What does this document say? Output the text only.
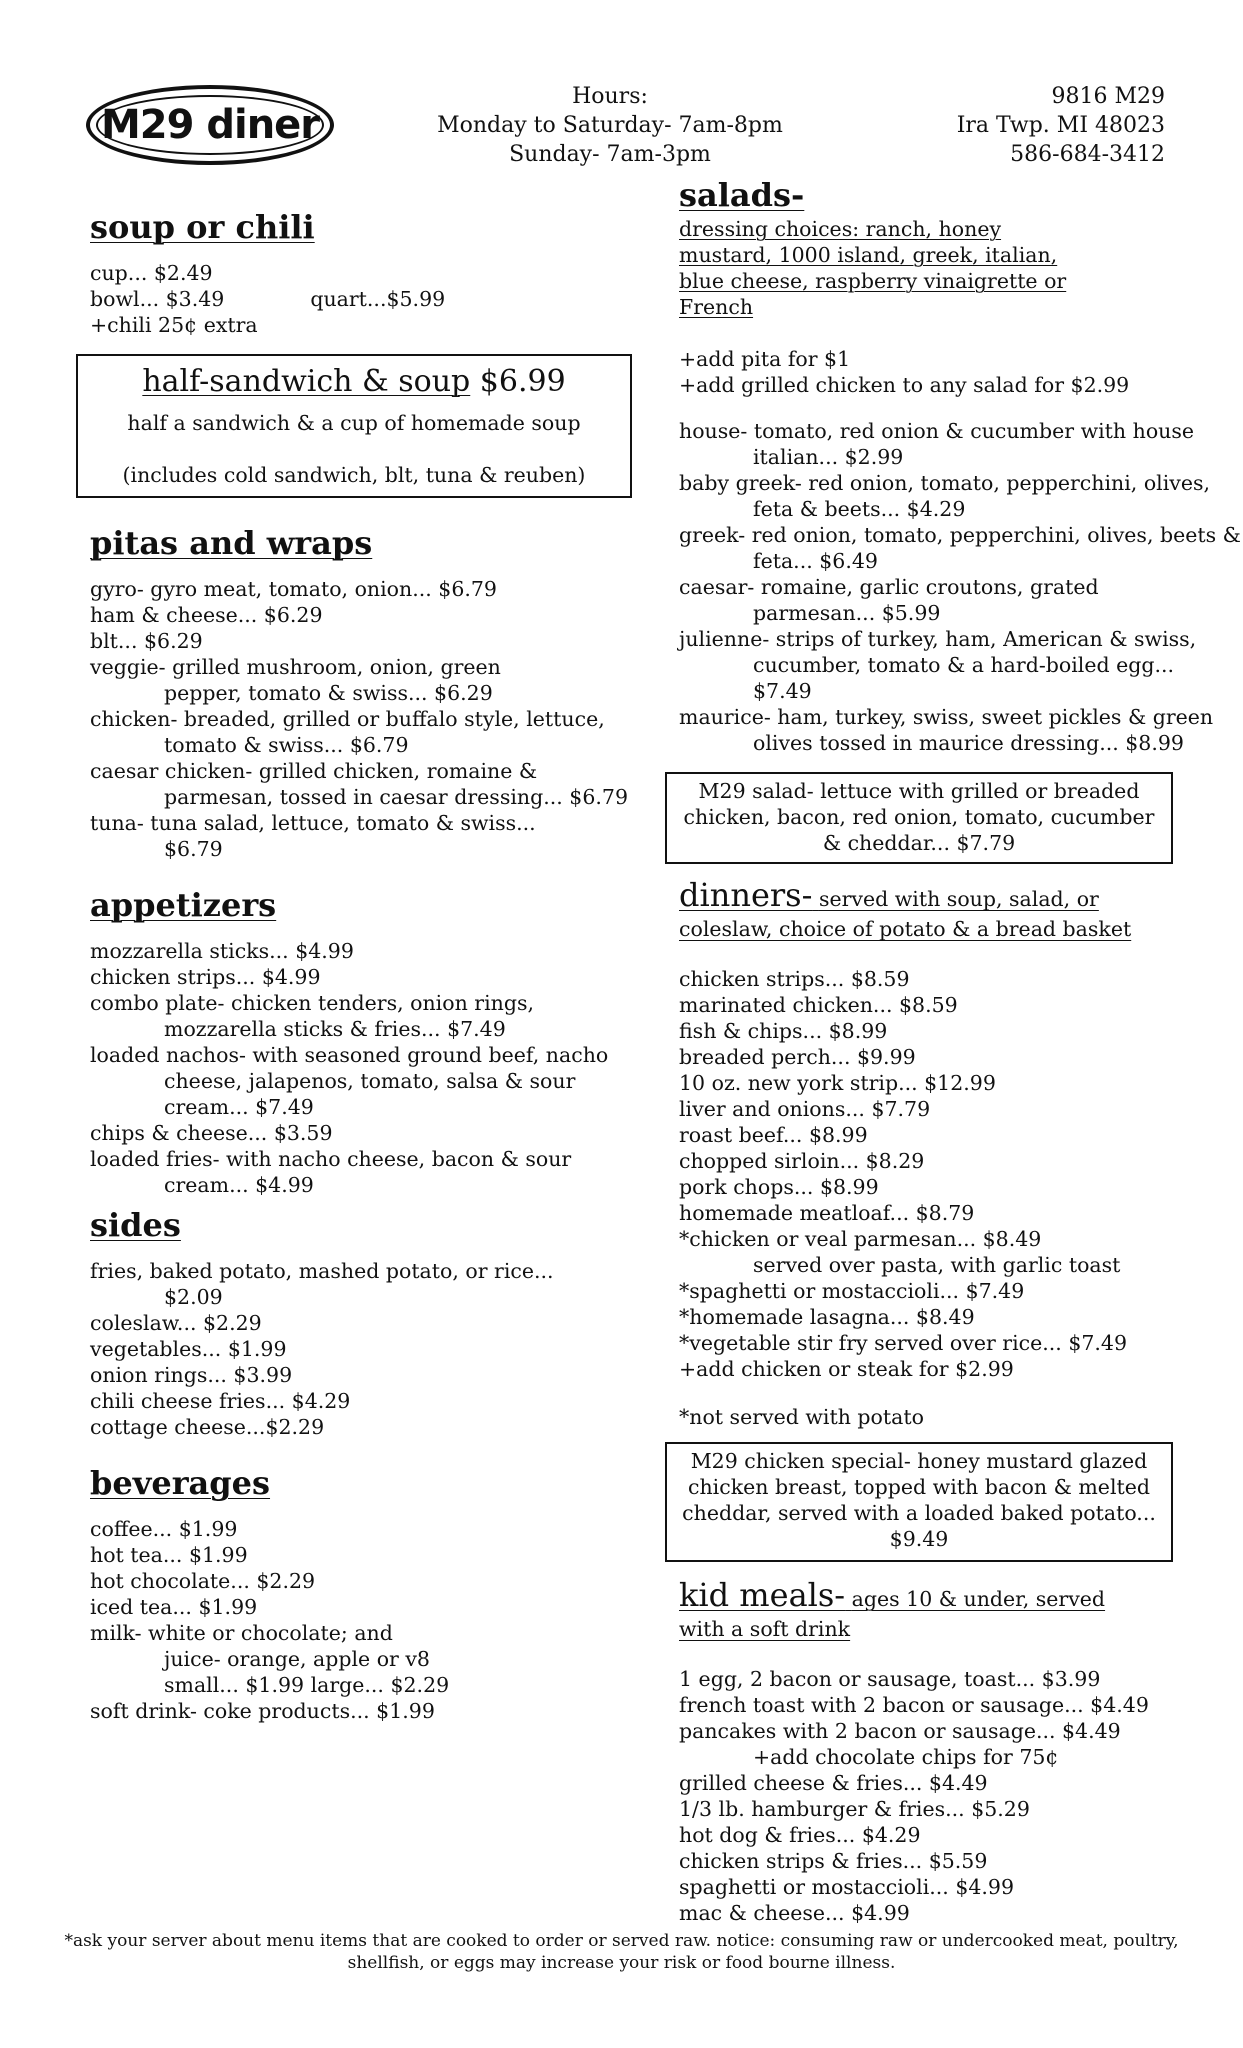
M29 diner
Hours:
Monday to Saturday- 7am-8pm
Sunday- 7am-3pm
9816 M29
Ira Twp. MI 48023
586-684-3412
soup or chili
cup... $2.49
bowl... $3.49	quart...$5.99
+chili 25¢ extra
half-sandwich & soup $6.99
half a sandwich & a cup of homemade soup
(includes cold sandwich, blt, tuna & reuben)
pitas and wraps
gyro- gyro meat, tomato, onion... $6.79
ham & cheese... $6.29
blt... $6.29
veggie- grilled mushroom, onion, green pepper, tomato & swiss... $6.29
chicken- breaded, grilled or buffalo style, lettuce, tomato & swiss... $6.79
caesar chicken- grilled chicken, romaine & parmesan, tossed in caesar dressing... $6.79
tuna- tuna salad, lettuce, tomato & swiss... $6.79
appetizers
mozzarella sticks... $4.99
chicken strips... $4.99
combo plate- chicken tenders, onion rings, mozzarella sticks & fries... $7.49
loaded nachos- with seasoned ground beef, nacho cheese, jalapenos, tomato, salsa & sour cream... $7.49
chips & cheese... $3.59
loaded fries- with nacho cheese, bacon & sour cream... $4.99
sides
fries, baked potato, mashed potato, or rice... $2.09
coleslaw... $2.29
vegetables... $1.99
onion rings... $3.99
chili cheese fries... $4.29
cottage cheese...$2.29
beverages
coffee... $1.99
hot tea... $1.99
hot chocolate... $2.29
iced tea... $1.99
milk- white or chocolate; and
juice- orange, apple or v8
small... $1.99 large... $2.29
soft drink- coke products... $1.99
salads-
dressing choices: ranch, honey mustard, 1000 island, greek, italian, blue cheese, raspberry vinaigrette or French
+add pita for $1
+add grilled chicken to any salad for $2.99
house- tomato, red onion & cucumber with house italian... $2.99
baby greek- red onion, tomato, pepperchini, olives, feta & beets... $4.29
greek- red onion, tomato, pepperchini, olives, beets & feta... $6.49
caesar- romaine, garlic croutons, grated parmesan... $5.99
julienne- strips of turkey, ham, American & swiss, cucumber, tomato & a hard-boiled egg... $7.49
maurice- ham, turkey, swiss, sweet pickles & green olives tossed in maurice dressing... $8.99
M29 salad- lettuce with grilled or breaded chicken, bacon, red onion, tomato, cucumber & cheddar... $7.79
dinners- served with soup, salad, or coleslaw, choice of potato & a bread basket
chicken strips... $8.59
marinated chicken... $8.59
fish & chips... $8.99
breaded perch... $9.99
10 oz. new york strip... $12.99
liver and onions... $7.79
roast beef... $8.99
chopped sirloin... $8.29
pork chops... $8.99
homemade meatloaf... $8.79
*chicken or veal parmesan... $8.49
served over pasta, with garlic toast
*spaghetti or mostaccioli... $7.49
*homemade lasagna... $8.49
*vegetable stir fry served over rice... $7.49
+add chicken or steak for $2.99
*not served with potato
M29 chicken special- honey mustard glazed chicken breast, topped with bacon & melted cheddar, served with a loaded baked potato... $9.49
kid meals- ages 10 & under, served with a soft drink
1 egg, 2 bacon or sausage, toast... $3.99
french toast with 2 bacon or sausage... $4.49
pancakes with 2 bacon or sausage... $4.49
+add chocolate chips for 75¢
grilled cheese & fries... $4.49
1/3 lb. hamburger & fries... $5.29
hot dog & fries... $4.29
chicken strips & fries... $5.59
spaghetti or mostaccioli... $4.99
mac & cheese... $4.99
*ask your server about menu items that are cooked to order or served raw. notice: consuming raw or undercooked meat, poultry, shellfish, or eggs may increase your risk or food bourne illness.
